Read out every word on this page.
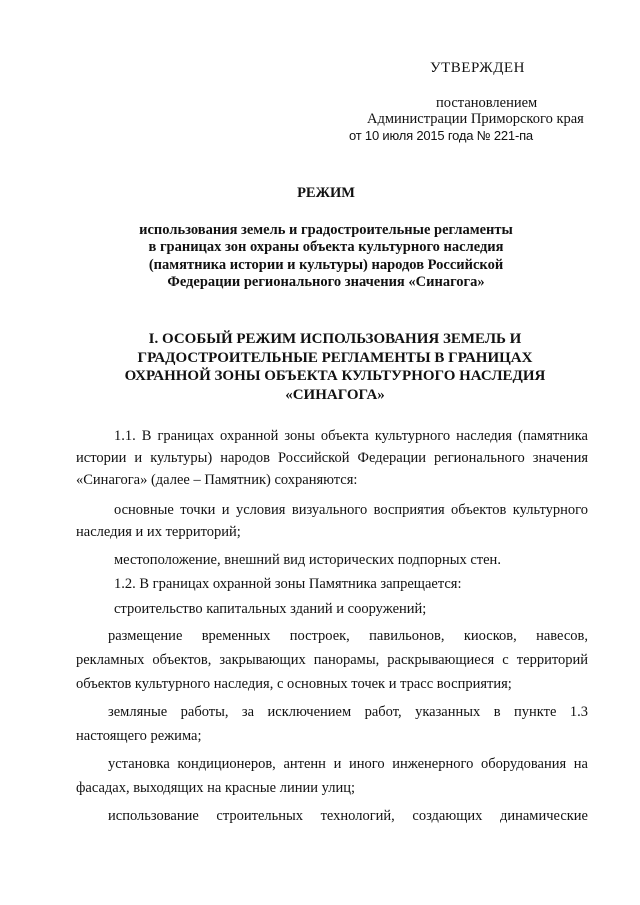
УТВЕРЖДЕН
постановлением
Администрации Приморского края
от 10 июля 2015 года № 221-па
РЕЖИМ
использования земель и градостроительные регламенты
в границах зон охраны объекта культурного наследия
(памятника истории и культуры) народов Российской
Федерации регионального значения «Синагога»
I. ОСОБЫЙ РЕЖИМ ИСПОЛЬЗОВАНИЯ ЗЕМЕЛЬ И
ГРАДОСТРОИТЕЛЬНЫЕ РЕГЛАМЕНТЫ В ГРАНИЦАХ
ОХРАННОЙ ЗОНЫ ОБЪЕКТА КУЛЬТУРНОГО НАСЛЕДИЯ
«СИНАГОГА»
1.1. В границах охранной зоны объекта культурного наследия (памятника
истории и культуры) народов Российской Федерации регионального значения
«Синагога» (далее – Памятник) сохраняются:
основные точки и условия визуального восприятия объектов культурного
наследия и их территорий;
местоположение, внешний вид исторических подпорных стен.
1.2. В границах охранной зоны Памятника запрещается:
строительство капитальных зданий и сооружений;
размещение временных построек, павильонов, киосков, навесов,
рекламных объектов, закрывающих панорамы, раскрывающиеся с территорий
объектов культурного наследия, с основных точек и трасс восприятия;
земляные работы, за исключением работ, указанных в пункте 1.3
настоящего режима;
установка кондиционеров, антенн и иного инженерного оборудования на
фасадах, выходящих на красные линии улиц;
использование строительных технологий, создающих динамические
